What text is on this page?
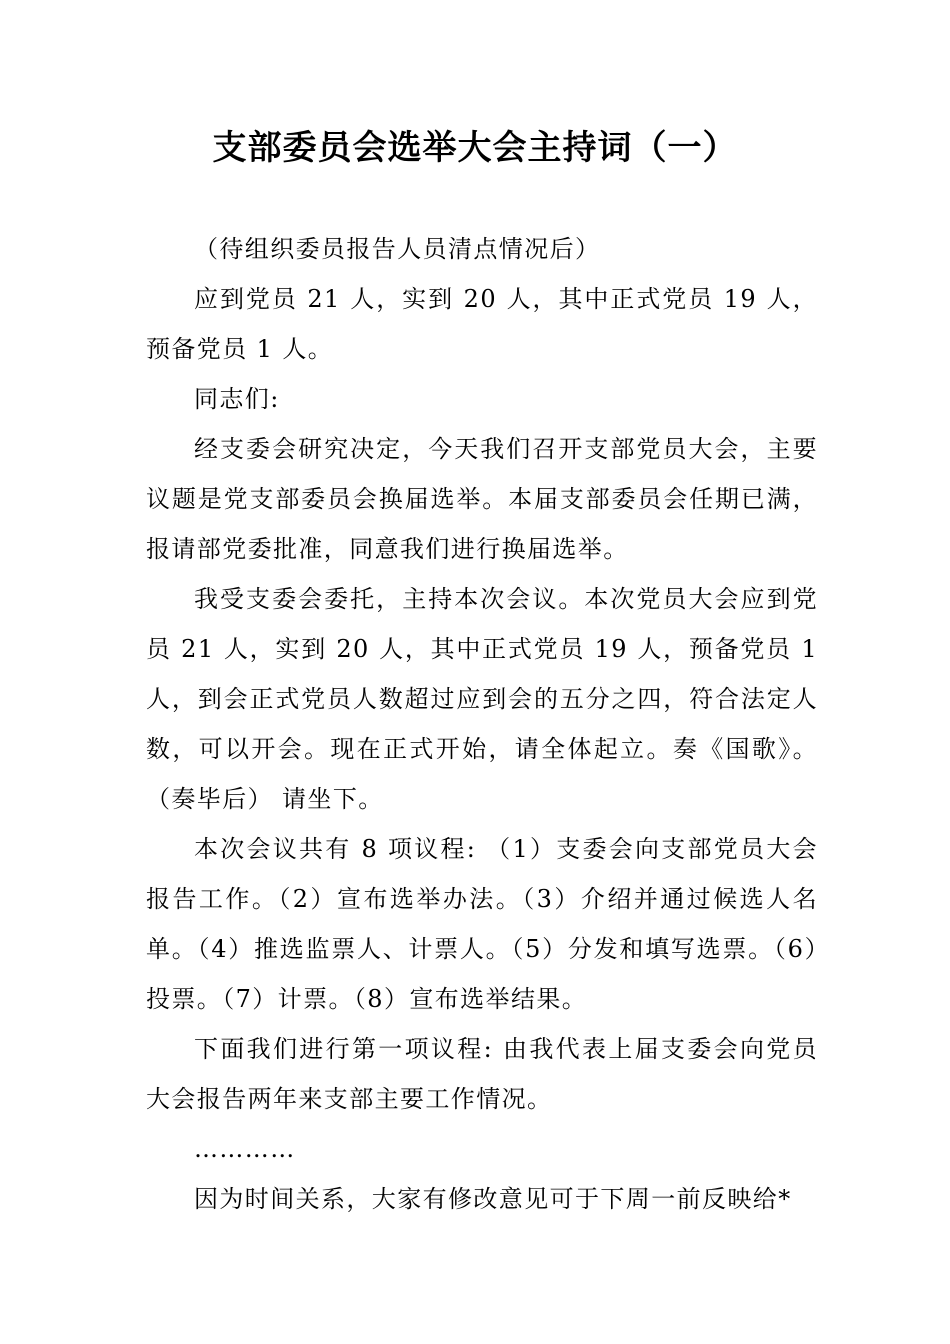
支部委员会选举大会主持词（一）

（待组织委员报告人员清点情况后）

应到党员 21 人，实到 20 人，其中正式党员 19 人，预备党员 1 人。

同志们:

经支委会研究决定，今天我们召开支部党员大会，主要议题是党支部委员会换届选举。本届支部委员会任期已满，报请部党委批准，同意我们进行换届选举。

我受支委会委托，主持本次会议。本次党员大会应到党员 21 人，实到 20 人，其中正式党员 19 人，预备党员 1 人，到会正式党员人数超过应到会的五分之四，符合法定人数，可以开会。现在正式开始，请全体起立。奏《国歌》。（奏毕后） 请坐下。

本次会议共有 8 项议程: （1）支委会向支部党员大会报告工作。（2）宣布选举办法。（3）介绍并通过候选人名单。（4）推选监票人、计票人。（5）分发和填写选票。（6）投票。（7）计票。（8）宣布选举结果。

下面我们进行第一项议程: 由我代表上届支委会向党员大会报告两年来支部主要工作情况。

…………

因为时间关系，大家有修改意见可于下周一前反映给*
